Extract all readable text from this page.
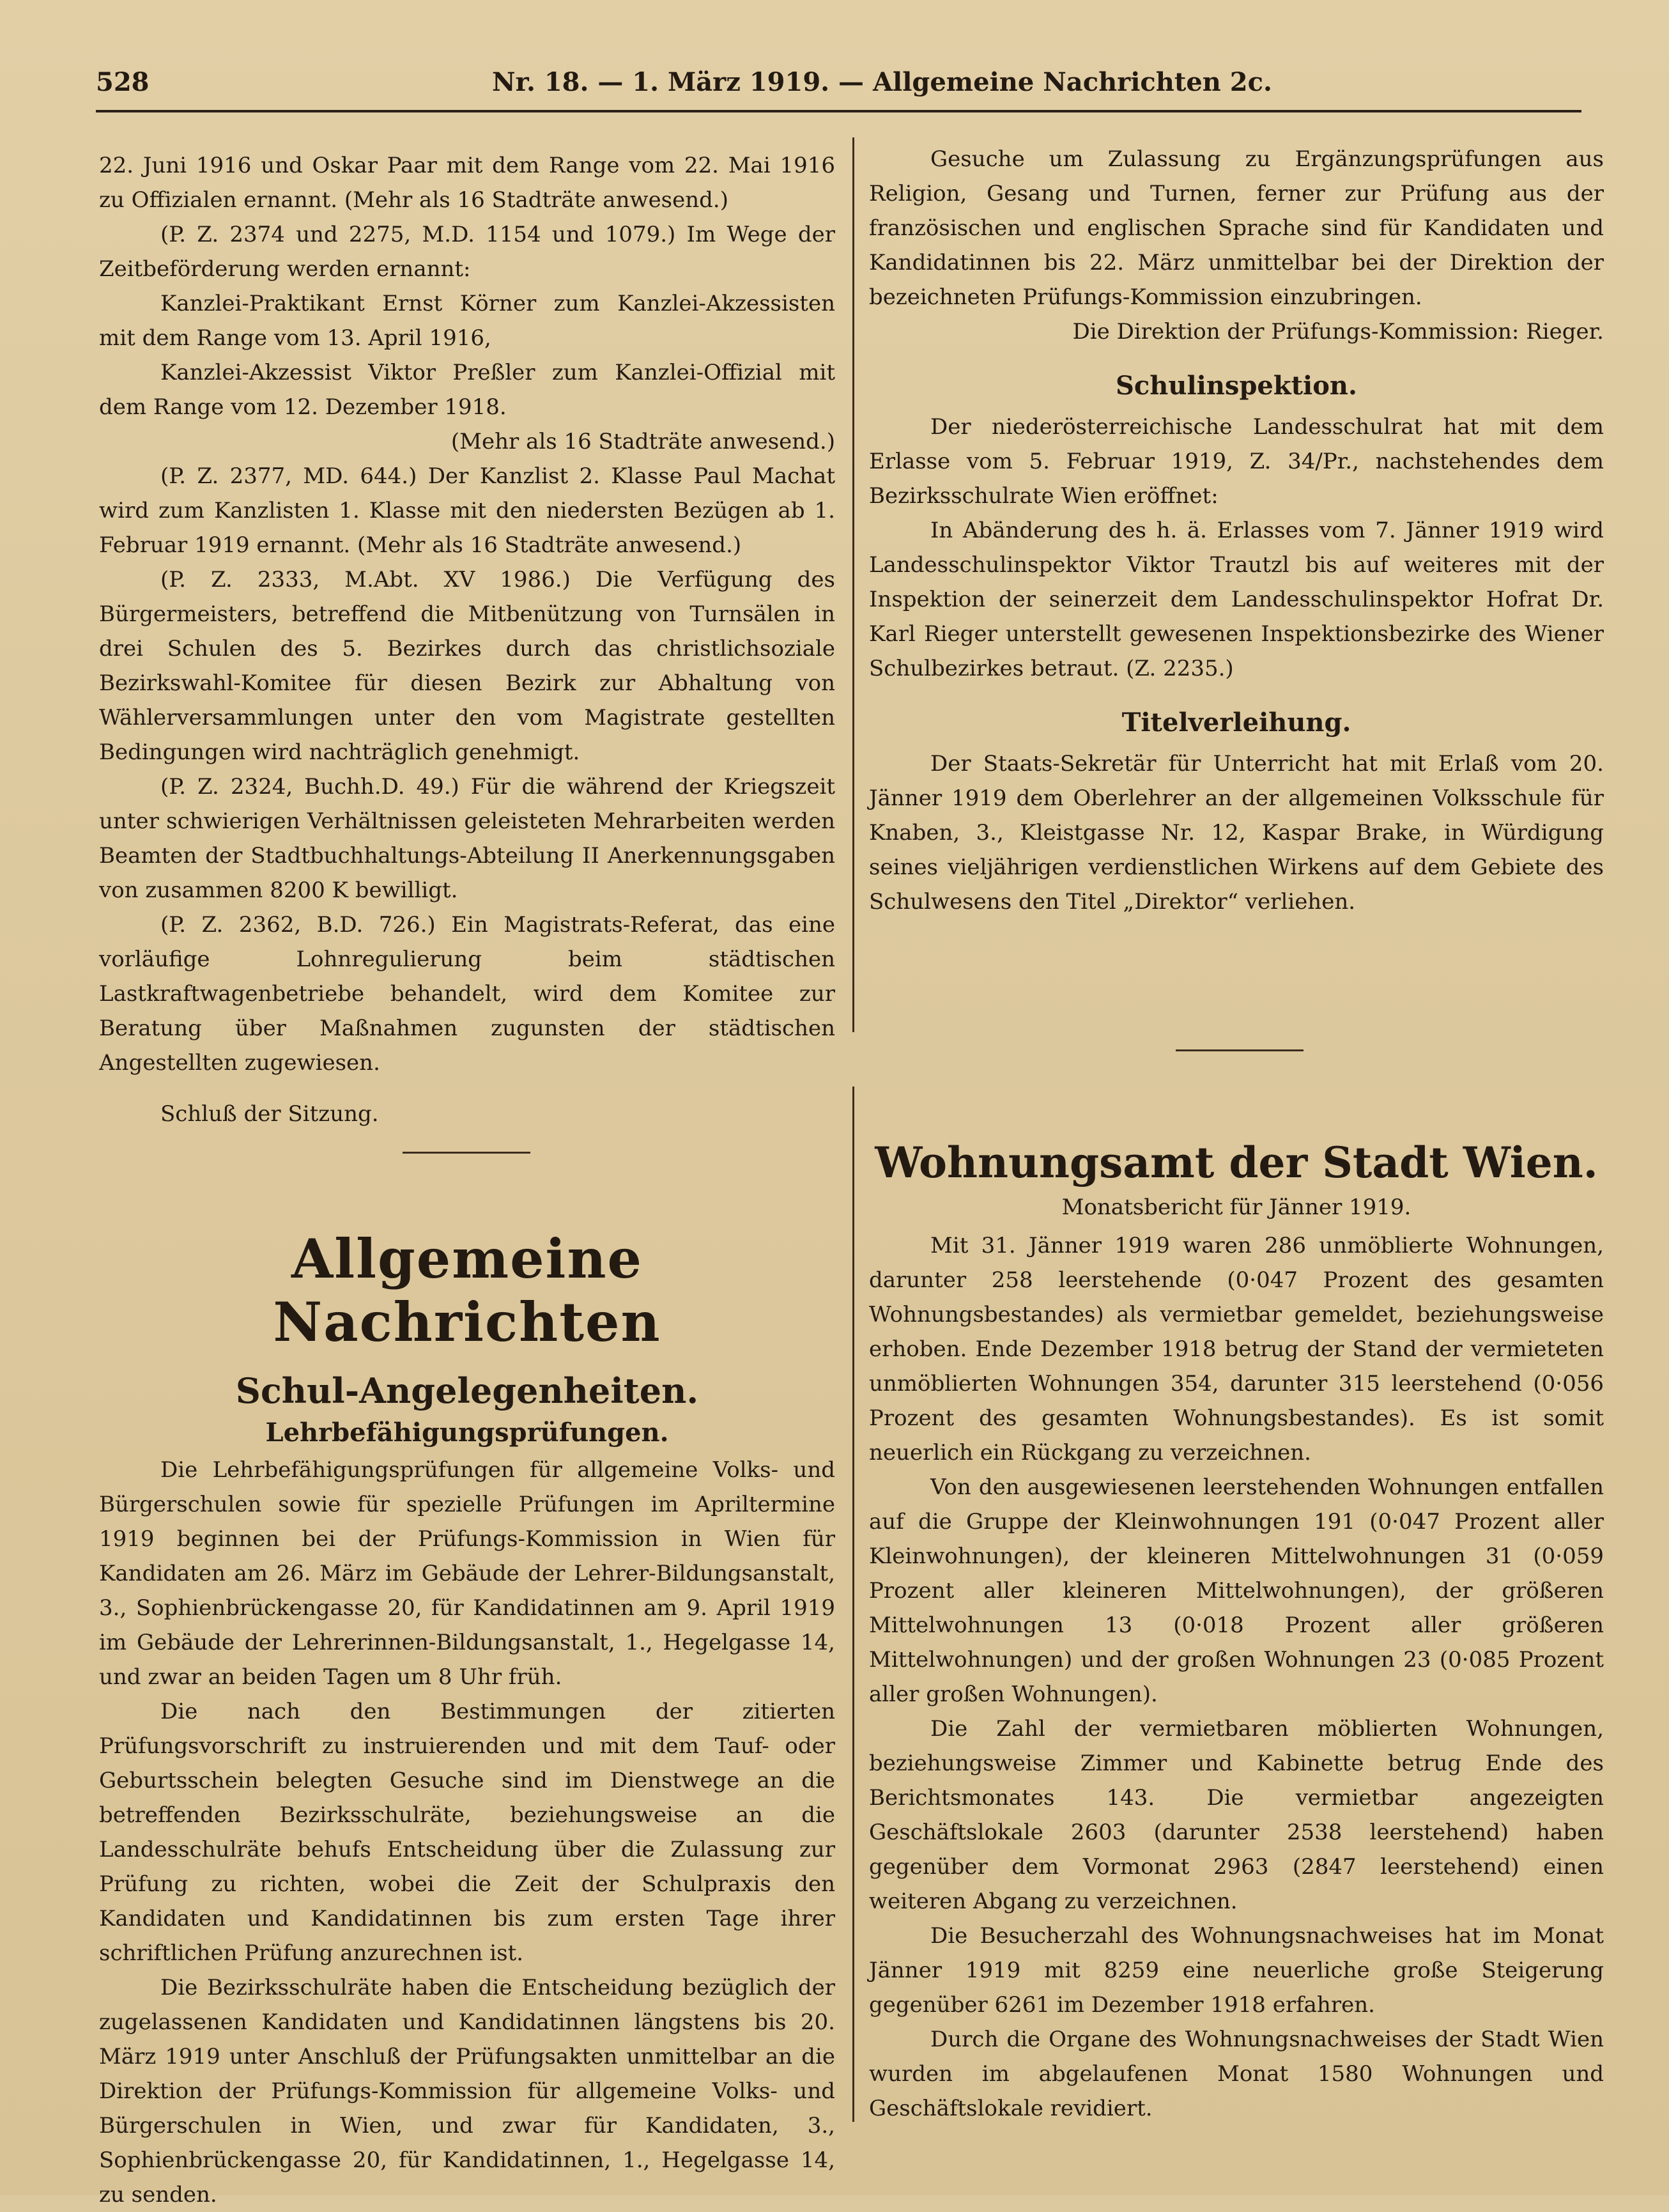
528	Nr. 18. — 1. März 1919. — Allgemeine Nachrichten 2c.

22. Juni 1916 und Oskar Paar mit dem Range vom 22. Mai 1916 zu Offizialen ernannt. (Mehr als 16 Stadträte anwesend.)

(P. Z. 2374 und 2275, M.D. 1154 und 1079.) Im Wege der Zeitbeförderung werden ernannt:

Kanzlei-Praktikant Ernst Körner zum Kanzlei-Akzessisten mit dem Range vom 13. April 1916,

Kanzlei-Akzessist Viktor Preßler zum Kanzlei-Offizial mit dem Range vom 12. Dezember 1918.

(Mehr als 16 Stadträte anwesend.)

(P. Z. 2377, MD. 644.) Der Kanzlist 2. Klasse Paul Machat wird zum Kanzlisten 1. Klasse mit den niedersten Bezügen ab 1. Februar 1919 ernannt. (Mehr als 16 Stadträte anwesend.)

(P. Z. 2333, M.Abt. XV 1986.) Die Verfügung des Bürgermeisters, betreffend die Mitbenützung von Turnsälen in drei Schulen des 5. Bezirkes durch das christlichsoziale Bezirkswahl-Komitee für diesen Bezirk zur Abhaltung von Wählerversammlungen unter den vom Magistrate gestellten Bedingungen wird nachträglich genehmigt.

(P. Z. 2324, Buchh.D. 49.) Für die während der Kriegszeit unter schwierigen Verhältnissen geleisteten Mehrarbeiten werden Beamten der Stadtbuchhaltungs-Abteilung II Anerkennungsgaben von zusammen 8200 K bewilligt.

(P. Z. 2362, B.D. 726.) Ein Magistrats-Referat, das eine vorläufige Lohnregulierung beim städtischen Lastkraftwagenbetriebe behandelt, wird dem Komitee zur Beratung über Maßnahmen zugunsten der städtischen Angestellten zugewiesen.

Schluß der Sitzung.

Allgemeine Nachrichten
Schul-Angelegenheiten.
Lehrbefähigungsprüfungen.

Die Lehrbefähigungsprüfungen für allgemeine Volks- und Bürgerschulen sowie für spezielle Prüfungen im Apriltermine 1919 beginnen bei der Prüfungs-Kommission in Wien für Kandidaten am 26. März im Gebäude der Lehrer-Bildungsanstalt, 3., Sophienbrückengasse 20, für Kandidatinnen am 9. April 1919 im Gebäude der Lehrerinnen-Bildungsanstalt, 1., Hegelgasse 14, und zwar an beiden Tagen um 8 Uhr früh.

Die nach den Bestimmungen der zitierten Prüfungsvorschrift zu instruierenden und mit dem Tauf- oder Geburtsschein belegten Gesuche sind im Dienstwege an die betreffenden Bezirksschulräte, beziehungsweise an die Landesschulräte behufs Entscheidung über die Zulassung zur Prüfung zu richten, wobei die Zeit der Schulpraxis den Kandidaten und Kandidatinnen bis zum ersten Tage ihrer schriftlichen Prüfung anzurechnen ist.

Die Bezirksschulräte haben die Entscheidung bezüglich der zugelassenen Kandidaten und Kandidatinnen längstens bis 20. März 1919 unter Anschluß der Prüfungsakten unmittelbar an die Direktion der Prüfungs-Kommission für allgemeine Volks- und Bürgerschulen in Wien, und zwar für Kandidaten, 3., Sophienbrückengasse 20, für Kandidatinnen, 1., Hegelgasse 14, zu senden.

Gesuche um Zulassung zu Ergänzungsprüfungen aus Religion, Gesang und Turnen, ferner zur Prüfung aus der französischen und englischen Sprache sind für Kandidaten und Kandidatinnen bis 22. März unmittelbar bei der Direktion der bezeichneten Prüfungs-Kommission einzubringen.

Die Direktion der Prüfungs-Kommission: Rieger.

Schulinspektion.

Der niederösterreichische Landesschulrat hat mit dem Erlasse vom 5. Februar 1919, Z. 34/Pr., nachstehendes dem Bezirksschulrate Wien eröffnet:

In Abänderung des h. ä. Erlasses vom 7. Jänner 1919 wird Landesschulinspektor Viktor Trautzl bis auf weiteres mit der Inspektion der seinerzeit dem Landesschulinspektor Hofrat Dr. Karl Rieger unterstellt gewesenen Inspektionsbezirke des Wiener Schulbezirkes betraut. (Z. 2235.)

Titelverleihung.

Der Staats-Sekretär für Unterricht hat mit Erlaß vom 20. Jänner 1919 dem Oberlehrer an der allgemeinen Volksschule für Knaben, 3., Kleistgasse Nr. 12, Kaspar Brake, in Würdigung seines vieljährigen verdienstlichen Wirkens auf dem Gebiete des Schulwesens den Titel „Direktor“ verliehen.

Wohnungsamt der Stadt Wien.

Monatsbericht für Jänner 1919.

Mit 31. Jänner 1919 waren 286 unmöblierte Wohnungen, darunter 258 leerstehende (0·047 Prozent des gesamten Wohnungsbestandes) als vermietbar gemeldet, beziehungsweise erhoben. Ende Dezember 1918 betrug der Stand der vermieteten unmöblierten Wohnungen 354, darunter 315 leerstehend (0·056 Prozent des gesamten Wohnungsbestandes). Es ist somit neuerlich ein Rückgang zu verzeichnen.

Von den ausgewiesenen leerstehenden Wohnungen entfallen auf die Gruppe der Kleinwohnungen 191 (0·047 Prozent aller Kleinwohnungen), der kleineren Mittelwohnungen 31 (0·059 Prozent aller kleineren Mittelwohnungen), der größeren Mittelwohnungen 13 (0·018 Prozent aller größeren Mittelwohnungen) und der großen Wohnungen 23 (0·085 Prozent aller großen Wohnungen).

Die Zahl der vermietbaren möblierten Wohnungen, beziehungsweise Zimmer und Kabinette betrug Ende des Berichtsmonates 143. Die vermietbar angezeigten Geschäftslokale 2603 (darunter 2538 leerstehend) haben gegenüber dem Vormonat 2963 (2847 leerstehend) einen weiteren Abgang zu verzeichnen.

Die Besucherzahl des Wohnungsnachweises hat im Monat Jänner 1919 mit 8259 eine neuerliche große Steigerung gegenüber 6261 im Dezember 1918 erfahren.

Durch die Organe des Wohnungsnachweises der Stadt Wien wurden im abgelaufenen Monat 1580 Wohnungen und Geschäftslokale revidiert.
